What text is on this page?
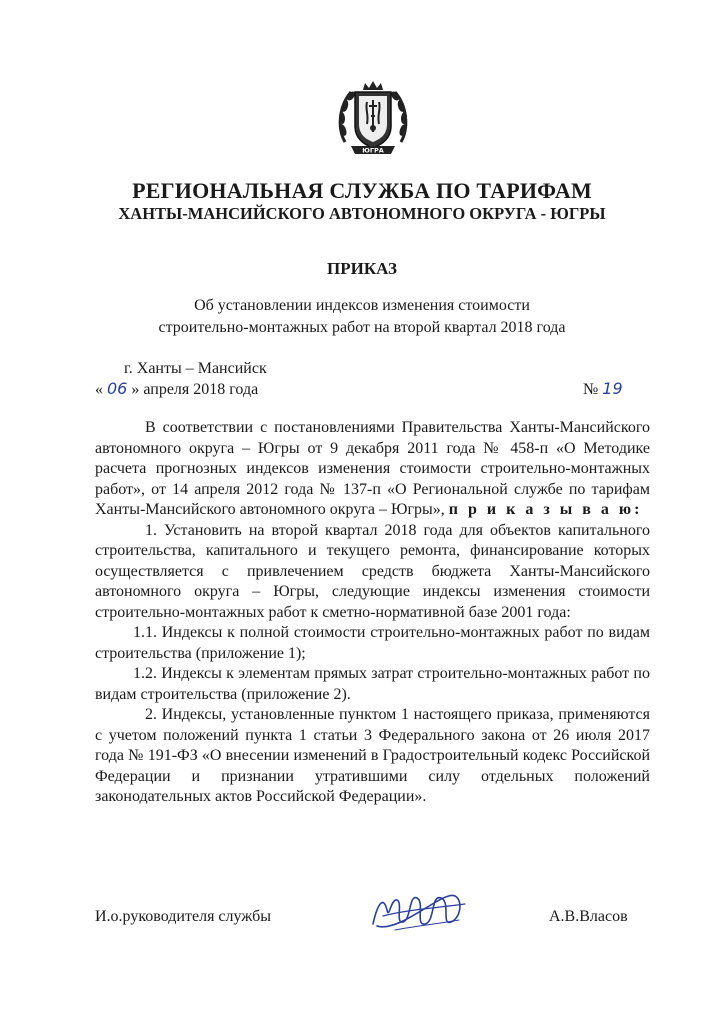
ЮГРА
РЕГИОНАЛЬНАЯ СЛУЖБА ПО ТАРИФАМ
ХАНТЫ-МАНСИЙСКОГО АВТОНОМНОГО ОКРУГА - ЮГРЫ
ПРИКАЗ
Об установлении индексов изменения стоимости
строительно-монтажных работ на второй квартал 2018 года
г. Ханты – Мансийск
« 06 » апреля 2018 года	№ 19

В соответствии с постановлениями Правительства Ханты-Мансийского автономного округа – Югры от 9 декабря 2011 года № 458-п «О Методике расчета прогнозных индексов изменения стоимости строительно-монтажных работ», от 14 апреля 2012 года № 137-п «О Региональной службе по тарифам Ханты-Мансийского автономного округа – Югры», п р и к а з ы в а ю:

1. Установить на второй квартал 2018 года для объектов капитального строительства, капитального и текущего ремонта, финансирование которых осуществляется с привлечением средств бюджета Ханты-Мансийского автономного округа – Югры, следующие индексы изменения стоимости строительно-монтажных работ к сметно-нормативной базе 2001 года:

1.1. Индексы к полной стоимости строительно-монтажных работ по видам строительства (приложение 1);

1.2. Индексы к элементам прямых затрат строительно-монтажных работ по видам строительства (приложение 2).

2. Индексы, установленные пунктом 1 настоящего приказа, применяются с учетом положений пункта 1 статьи 3 Федерального закона от 26 июля 2017 года № 191-ФЗ «О внесении изменений в Градостроительный кодекс Российской Федерации и признании утратившими силу отдельных положений законодательных актов Российской Федерации».

И.о.руководителя службы	А.В.Власов
